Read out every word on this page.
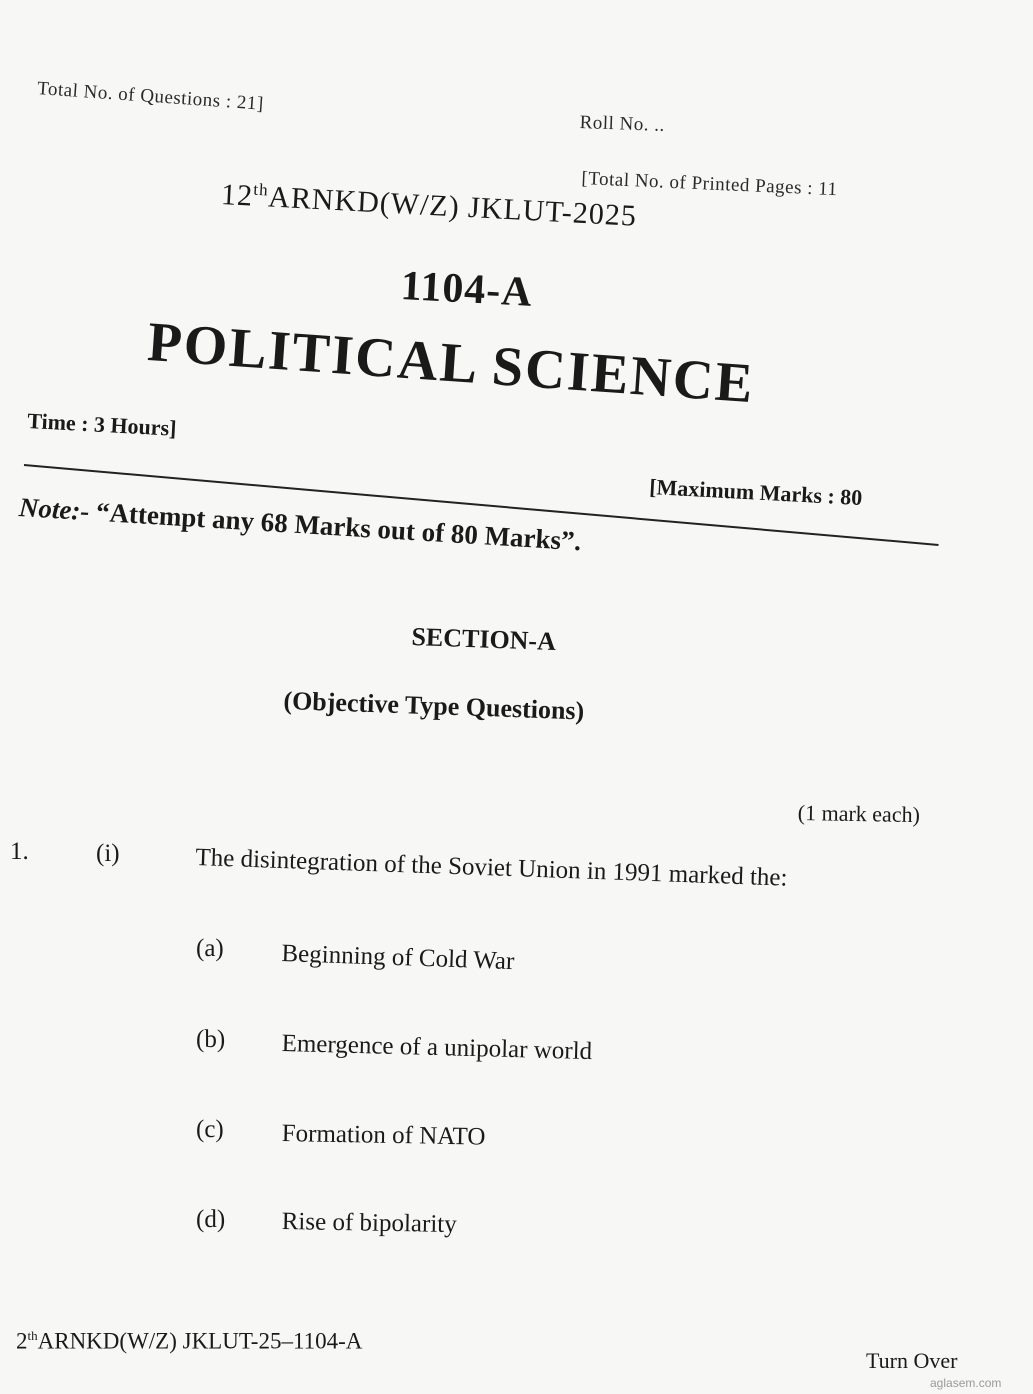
Total No. of Questions : 21]
Roll No. ..
[Total No. of Printed Pages : 11
12thARNKD(W/Z) JKLUT-2025
1104-A
POLITICAL SCIENCE
Time : 3 Hours]
[Maximum Marks : 80
Note:- “Attempt any 68 Marks out of 80 Marks”.
SECTION-A
(Objective Type Questions)
(1 mark each)
1.	(i)	The disintegration of the Soviet Union in 1991 marked the:
(a) Beginning of Cold War
(b) Emergence of a unipolar world
(c) Formation of NATO
(d) Rise of bipolarity
2thARNKD(W/Z) JKLUT-25–1104-A
Turn Over
aglasem.com
